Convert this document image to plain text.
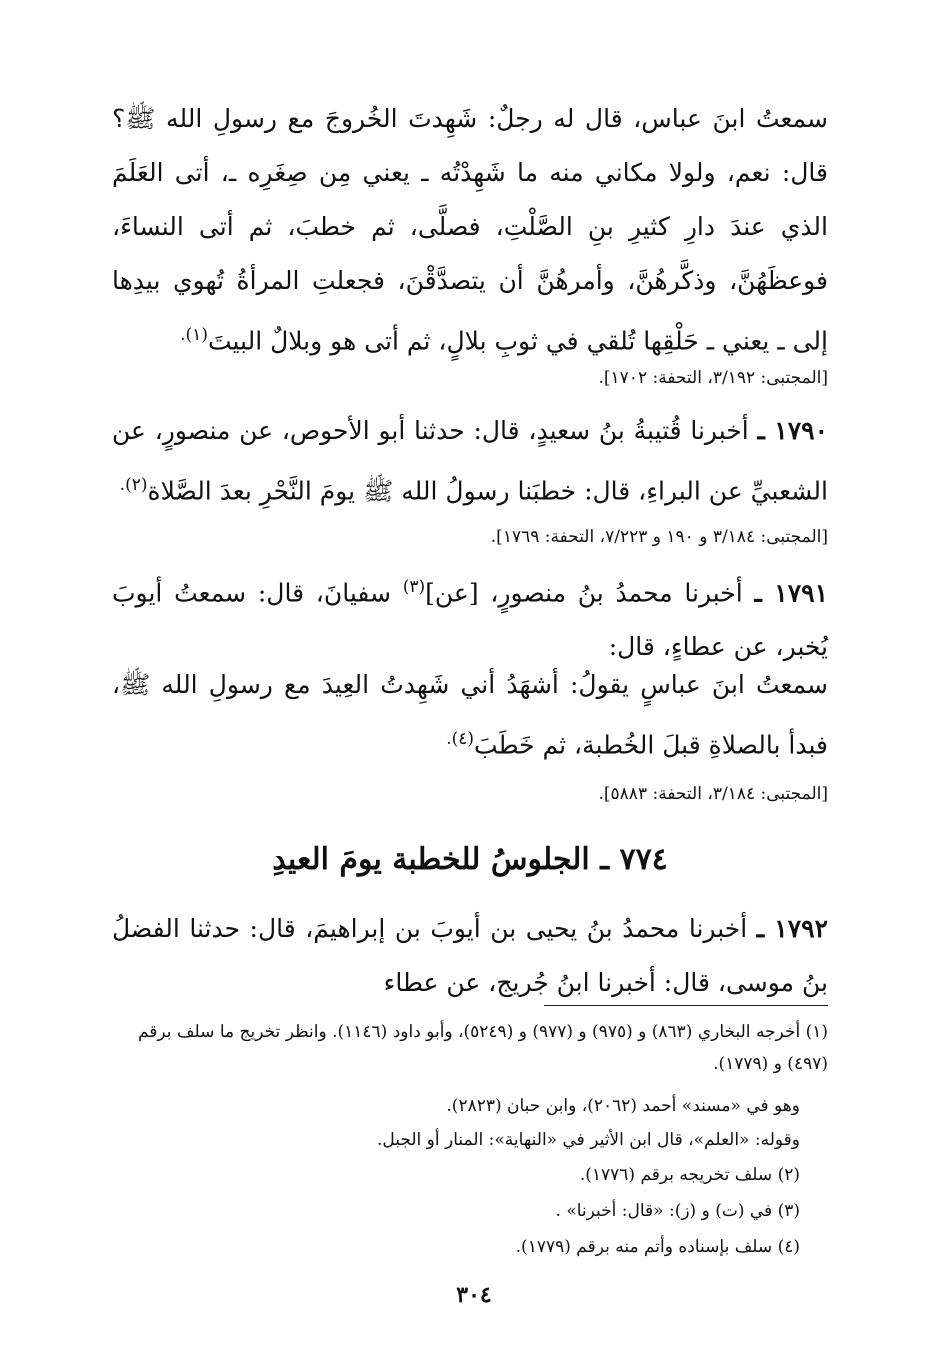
سمعتُ ابنَ عباس، قال له رجلٌ: شَهِدتَ الخُروجَ مع رسولِ الله ﷺ؟ قال: نعم، ولولا مكاني منه ما شَهِدْتُه ـ يعني مِن صِغَرِه ـ، أتى العَلَمَ الذي عندَ دارِ كثيرِ بنِ الصَّلْتِ، فصلَّى، ثم خطبَ، ثم أتى النساءَ، فوعظَهُنَّ، وذكَّرهُنَّ، وأمرهُنَّ أن يتصدَّقْنَ، فجعلتِ المرأةُ تُهوي بيدِها إلى ـ يعني ـ حَلْقِها تُلقي في ثوبِ بلالٍ، ثم أتى هو وبلالٌ البيتَ$^{(١).}$

[المجتبى: ٣/١٩٢، التحفة: ١٧٠٢].

١٧٩٠ ـ أخبرنا قُتيبةُ بنُ سعيدٍ، قال: حدثنا أبو الأحوص، عن منصورٍ، عن الشعبيِّ عن البراءِ، قال: خطبَنا رسولُ الله ﷺ يومَ النَّحْرِ بعدَ الصَّلاة$^{(٢).}$

[المجتبى: ٣/١٨٤ و ١٩٠ و ٧/٢٢٣، التحفة: ١٧٦٩].

١٧٩١ ـ أخبرنا محمدُ بنُ منصورٍ، [عن]$^{(٣)}$ سفيانَ، قال: سمعتُ أيوبَ يُخبر، عن عطاءٍ، قال:

سمعتُ ابنَ عباسٍ يقولُ: أشهَدُ أني شَهِدتُ العِيدَ مع رسولِ الله ﷺ، فبدأ بالصلاةِ قبلَ الخُطبة، ثم خَطَبَ$^{(٤).}$

[المجتبى: ٣/١٨٤، التحفة: ٥٨٨٣].

٧٧٤ ـ الجلوسُ للخطبة يومَ العيدِ

١٧٩٢ ـ أخبرنا محمدُ بنُ يحيى بن أيوبَ بن إبراهيمَ، قال: حدثنا الفضلُ بنُ موسى، قال: أخبرنا ابنُ جُريج، عن عطاء

(١) أخرجه البخاري (٨٦٣) و (٩٧٥) و (٩٧٧) و (٥٢٤٩)، وأبو داود (١١٤٦). وانظر تخريج ما سلف برقم (٤٩٧) و (١٧٧٩).

وهو في «مسند» أحمد (٢٠٦٢)، وابن حبان (٢٨٢٣).

وقوله: «العلم»، قال ابن الأثير في «النهاية»: المنار أو الجبل.

(٢) سلف تخريجه برقم (١٧٧٦).

(٣) في (ت) و (ز): «قال: أخبرنا» .

(٤) سلف بإسناده وأتم منه برقم (١٧٧٩).

٣٠٤
